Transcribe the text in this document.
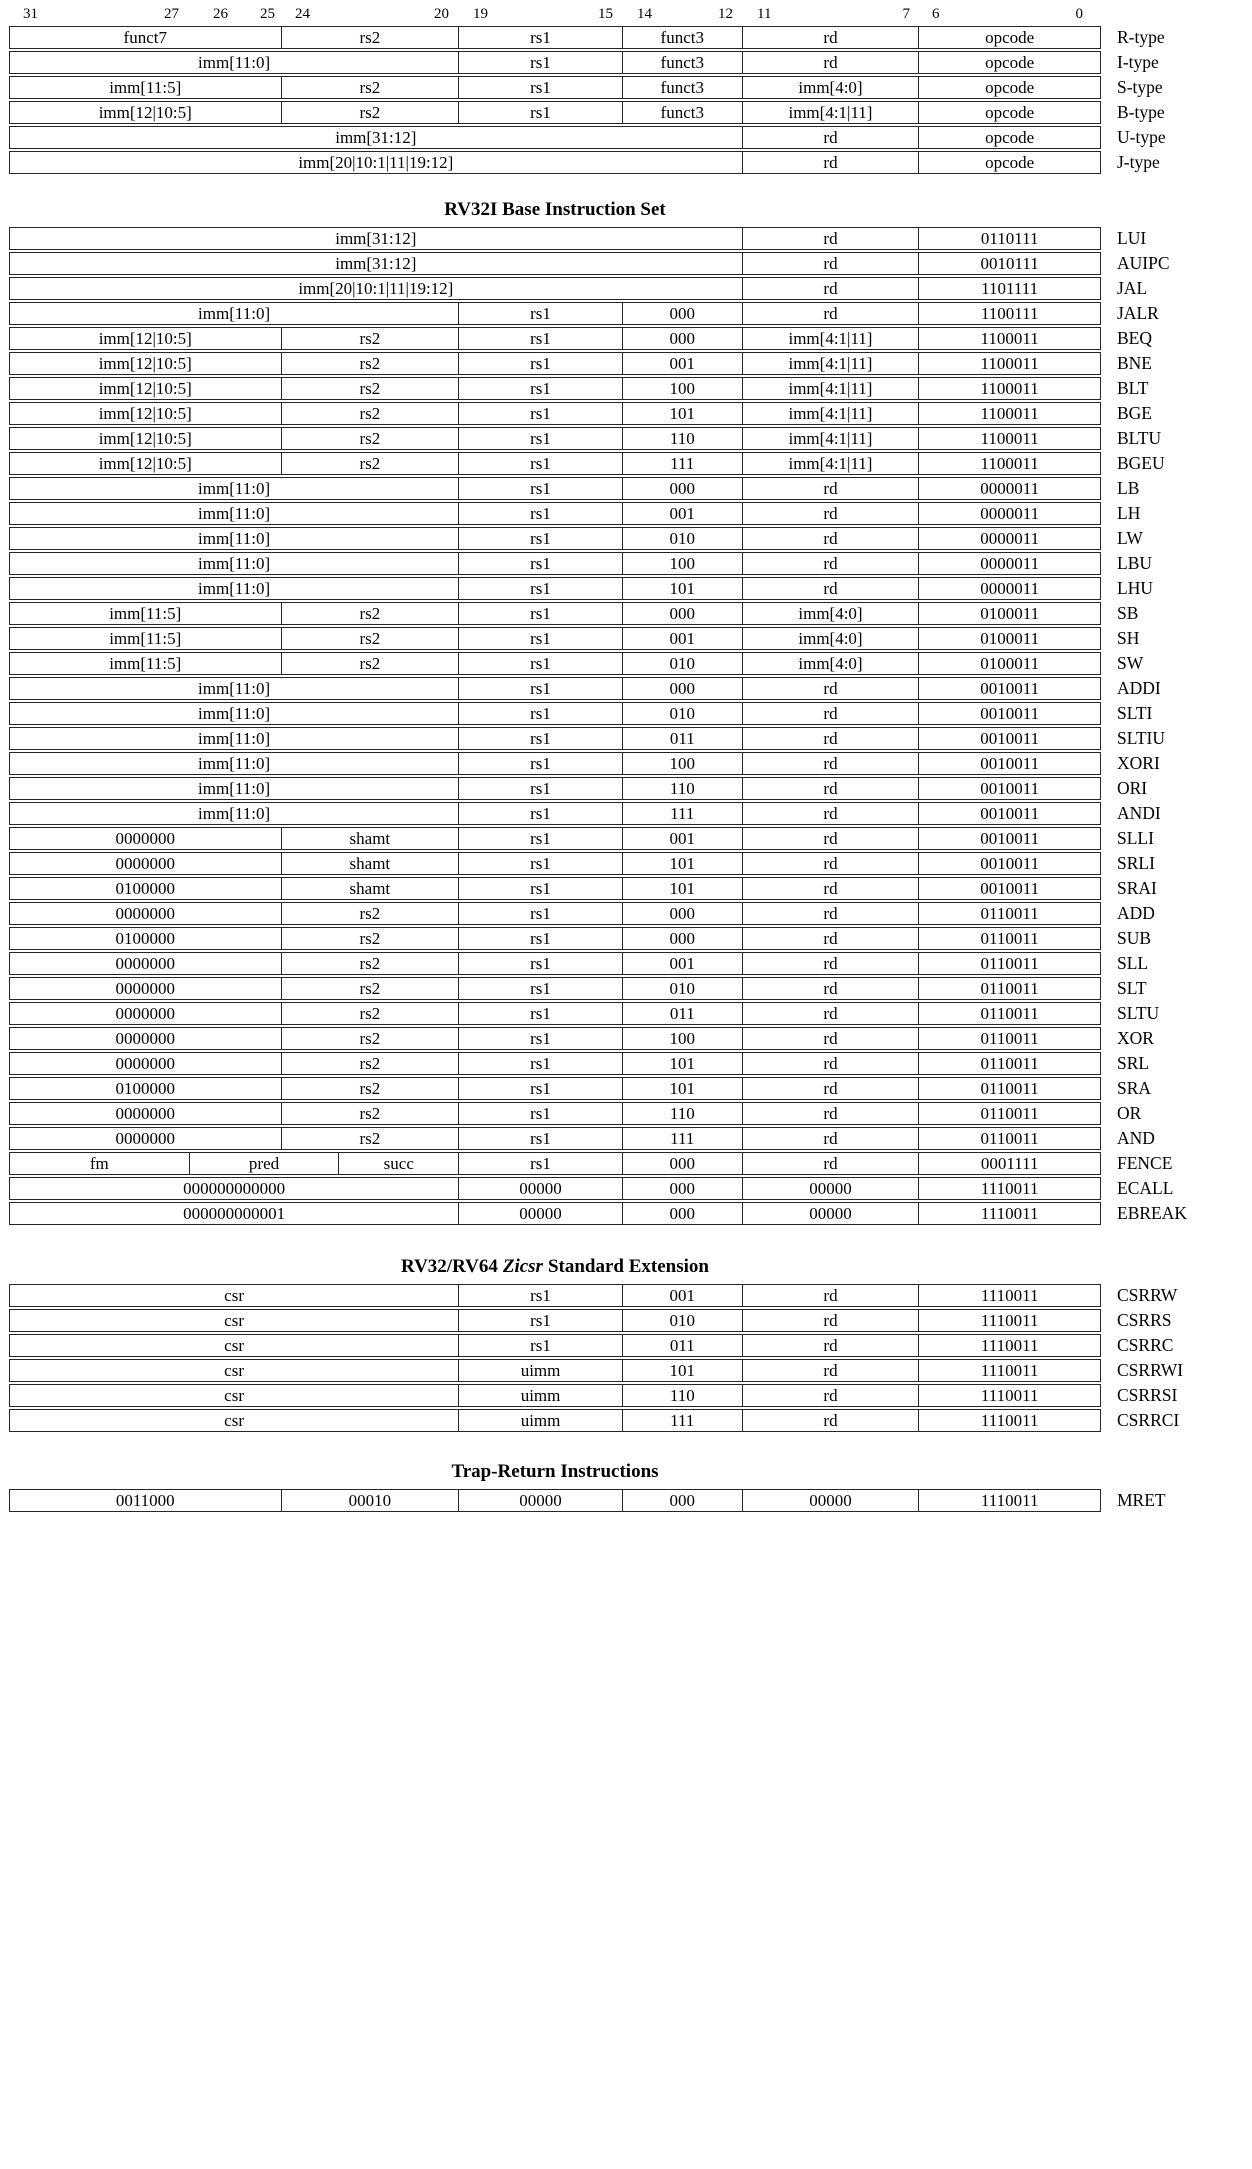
31	27 26 25 24	20 19	15 14	12 11	7 6	0
funct7	rs2	rs1	funct3	rd	opcode	R-type
imm[11:0]	rs1	funct3	rd	opcode	I-type
imm[11:5]	rs2	rs1	funct3	imm[4:0]	opcode	S-type
imm[12|10:5]	rs2	rs1	funct3	imm[4:1|11]	opcode	B-type
imm[31:12]	rd	opcode	U-type
imm[20|10:1|11|19:12]	rd	opcode	J-type
RV32I Base Instruction Set
imm[31:12]	rd	0110111	LUI
imm[31:12]	rd	0010111	AUIPC
imm[20|10:1|11|19:12]	rd	1101111	JAL
imm[11:0]	rs1	000	rd	1100111	JALR
imm[12|10:5]	rs2	rs1	000	imm[4:1|11]	1100011	BEQ
imm[12|10:5]	rs2	rs1	001	imm[4:1|11]	1100011	BNE
imm[12|10:5]	rs2	rs1	100	imm[4:1|11]	1100011	BLT
imm[12|10:5]	rs2	rs1	101	imm[4:1|11]	1100011	BGE
imm[12|10:5]	rs2	rs1	110	imm[4:1|11]	1100011	BLTU
imm[12|10:5]	rs2	rs1	111	imm[4:1|11]	1100011	BGEU
imm[11:0]	rs1	000	rd	0000011	LB
imm[11:0]	rs1	001	rd	0000011	LH
imm[11:0]	rs1	010	rd	0000011	LW
imm[11:0]	rs1	100	rd	0000011	LBU
imm[11:0]	rs1	101	rd	0000011	LHU
imm[11:5]	rs2	rs1	000	imm[4:0]	0100011	SB
imm[11:5]	rs2	rs1	001	imm[4:0]	0100011	SH
imm[11:5]	rs2	rs1	010	imm[4:0]	0100011	SW
imm[11:0]	rs1	000	rd	0010011	ADDI
imm[11:0]	rs1	010	rd	0010011	SLTI
imm[11:0]	rs1	011	rd	0010011	SLTIU
imm[11:0]	rs1	100	rd	0010011	XORI
imm[11:0]	rs1	110	rd	0010011	ORI
imm[11:0]	rs1	111	rd	0010011	ANDI
0000000	shamt	rs1	001	rd	0010011	SLLI
0000000	shamt	rs1	101	rd	0010011	SRLI
0100000	shamt	rs1	101	rd	0010011	SRAI
0000000	rs2	rs1	000	rd	0110011	ADD
0100000	rs2	rs1	000	rd	0110011	SUB
0000000	rs2	rs1	001	rd	0110011	SLL
0000000	rs2	rs1	010	rd	0110011	SLT
0000000	rs2	rs1	011	rd	0110011	SLTU
0000000	rs2	rs1	100	rd	0110011	XOR
0000000	rs2	rs1	101	rd	0110011	SRL
0100000	rs2	rs1	101	rd	0110011	SRA
0000000	rs2	rs1	110	rd	0110011	OR
0000000	rs2	rs1	111	rd	0110011	AND
fm	pred	succ	rs1	000	rd	0001111	FENCE
000000000000	00000	000	00000	1110011	ECALL
000000000001	00000	000	00000	1110011	EBREAK
RV32/RV64 Zicsr Standard Extension
csr	rs1	001	rd	1110011	CSRRW
csr	rs1	010	rd	1110011	CSRRS
csr	rs1	011	rd	1110011	CSRRC
csr	uimm	101	rd	1110011	CSRRWI
csr	uimm	110	rd	1110011	CSRRSI
csr	uimm	111	rd	1110011	CSRRCI
Trap-Return Instructions
0011000	00010	00000	000	00000	1110011	MRET
